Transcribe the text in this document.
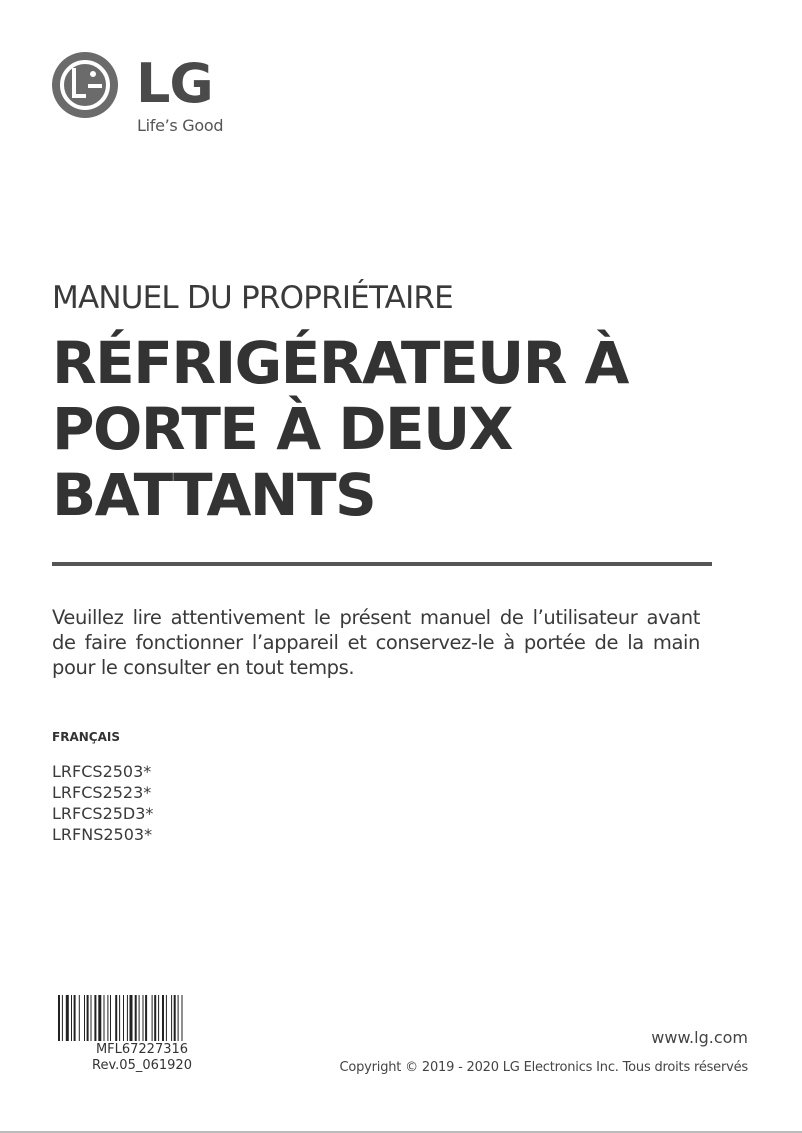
LG
Life’s Good
MANUEL DU PROPRIÉTAIRE
RÉFRIGÉRATEUR À
PORTE À DEUX
BATTANTS
Veuillez lire attentivement le présent manuel de l’utilisateur avant de faire fonctionner l’appareil et conservez-le à portée de la main pour le consulter en tout temps.
FRANÇAIS
LRFCS2503*
LRFCS2523*
LRFCS25D3*
LRFNS2503*
MFL67227316
Rev.05_061920
www.lg.com
Copyright © 2019 - 2020 LG Electronics Inc. Tous droits réservés
